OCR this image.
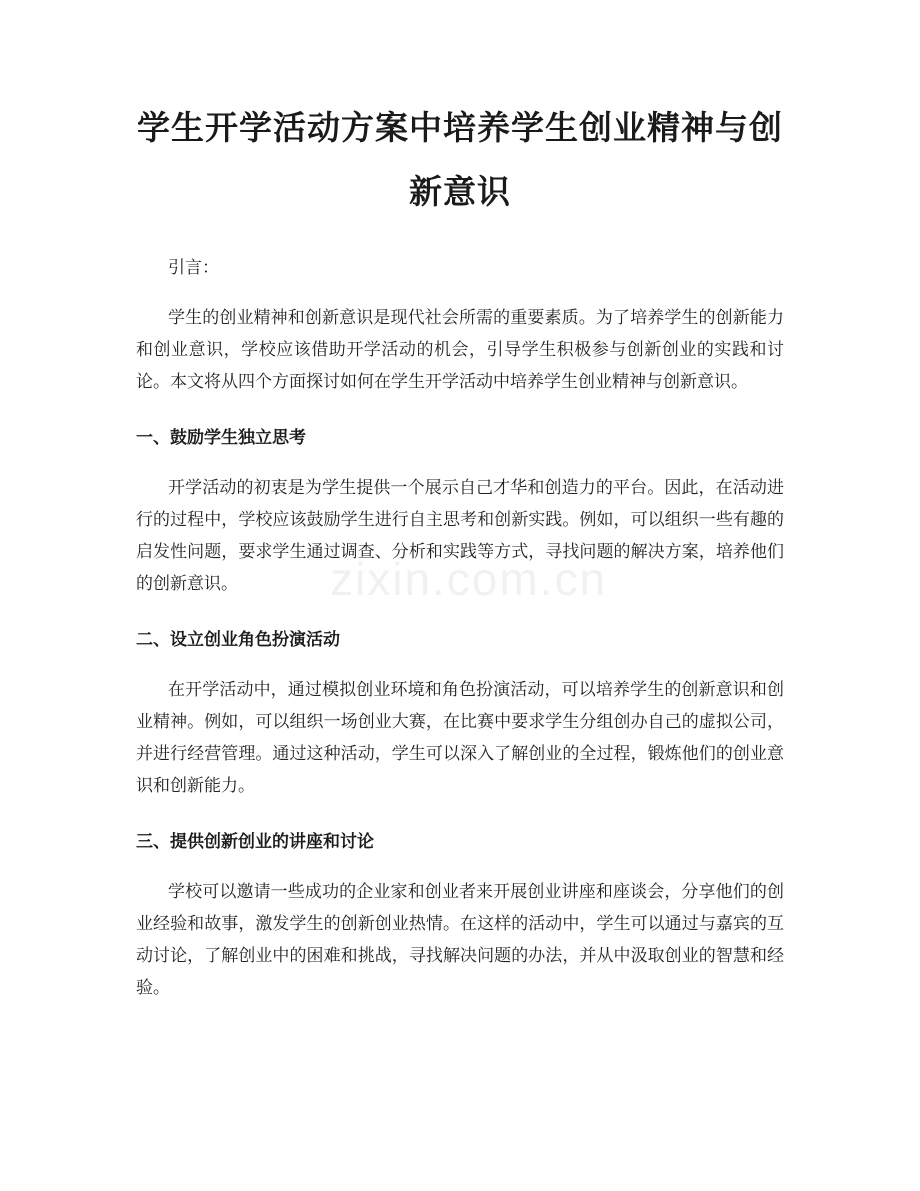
学生开学活动方案中培养学生创业精神与创新意识

引言：

学生的创业精神和创新意识是现代社会所需的重要素质。为了培养学生的创新能力和创业意识，学校应该借助开学活动的机会，引导学生积极参与创新创业的实践和讨论。本文将从四个方面探讨如何在学生开学活动中培养学生创业精神与创新意识。

一、鼓励学生独立思考

开学活动的初衷是为学生提供一个展示自己才华和创造力的平台。因此，在活动进行的过程中，学校应该鼓励学生进行自主思考和创新实践。例如，可以组织一些有趣的启发性问题，要求学生通过调查、分析和实践等方式，寻找问题的解决方案，培养他们的创新意识。

二、设立创业角色扮演活动

在开学活动中，通过模拟创业环境和角色扮演活动，可以培养学生的创新意识和创业精神。例如，可以组织一场创业大赛，在比赛中要求学生分组创办自己的虚拟公司，并进行经营管理。通过这种活动，学生可以深入了解创业的全过程，锻炼他们的创业意识和创新能力。

三、提供创新创业的讲座和讨论

学校可以邀请一些成功的企业家和创业者来开展创业讲座和座谈会，分享他们的创业经验和故事，激发学生的创新创业热情。在这样的活动中，学生可以通过与嘉宾的互动讨论，了解创业中的困难和挑战，寻找解决问题的办法，并从中汲取创业的智慧和经验。

zixin.com.cn
